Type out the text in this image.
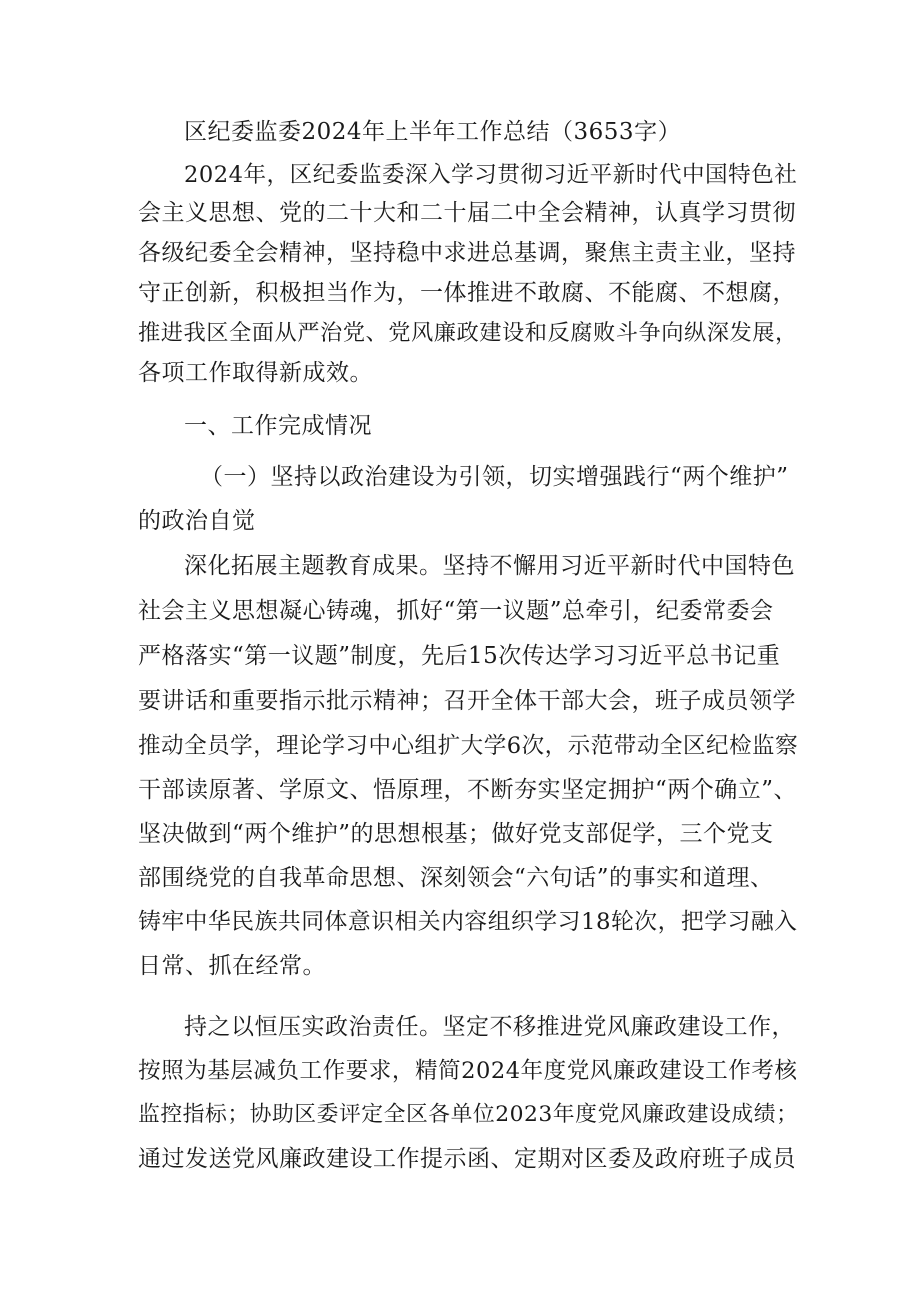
区纪委监委2024年上半年工作总结（3653字）
2024年，区纪委监委深入学习贯彻习近平新时代中国特色社
会主义思想、党的二十大和二十届二中全会精神，认真学习贯彻
各级纪委全会精神，坚持稳中求进总基调，聚焦主责主业，坚持
守正创新，积极担当作为，一体推进不敢腐、不能腐、不想腐，
推进我区全面从严治党、党风廉政建设和反腐败斗争向纵深发展，
各项工作取得新成效。
一、工作完成情况
（一）坚持以政治建设为引领，切实增强践行“两个维护”
的政治自觉
深化拓展主题教育成果。坚持不懈用习近平新时代中国特色
社会主义思想凝心铸魂，抓好“第一议题”总牵引，纪委常委会
严格落实“第一议题”制度，先后15次传达学习习近平总书记重
要讲话和重要指示批示精神；召开全体干部大会，班子成员领学
推动全员学，理论学习中心组扩大学6次，示范带动全区纪检监察
干部读原著、学原文、悟原理，不断夯实坚定拥护“两个确立”、
坚决做到“两个维护”的思想根基；做好党支部促学，三个党支
部围绕党的自我革命思想、深刻领会“六句话”的事实和道理、
铸牢中华民族共同体意识相关内容组织学习18轮次，把学习融入
日常、抓在经常。
持之以恒压实政治责任。坚定不移推进党风廉政建设工作，
按照为基层减负工作要求，精简2024年度党风廉政建设工作考核
监控指标；协助区委评定全区各单位2023年度党风廉政建设成绩；
通过发送党风廉政建设工作提示函、定期对区委及政府班子成员
